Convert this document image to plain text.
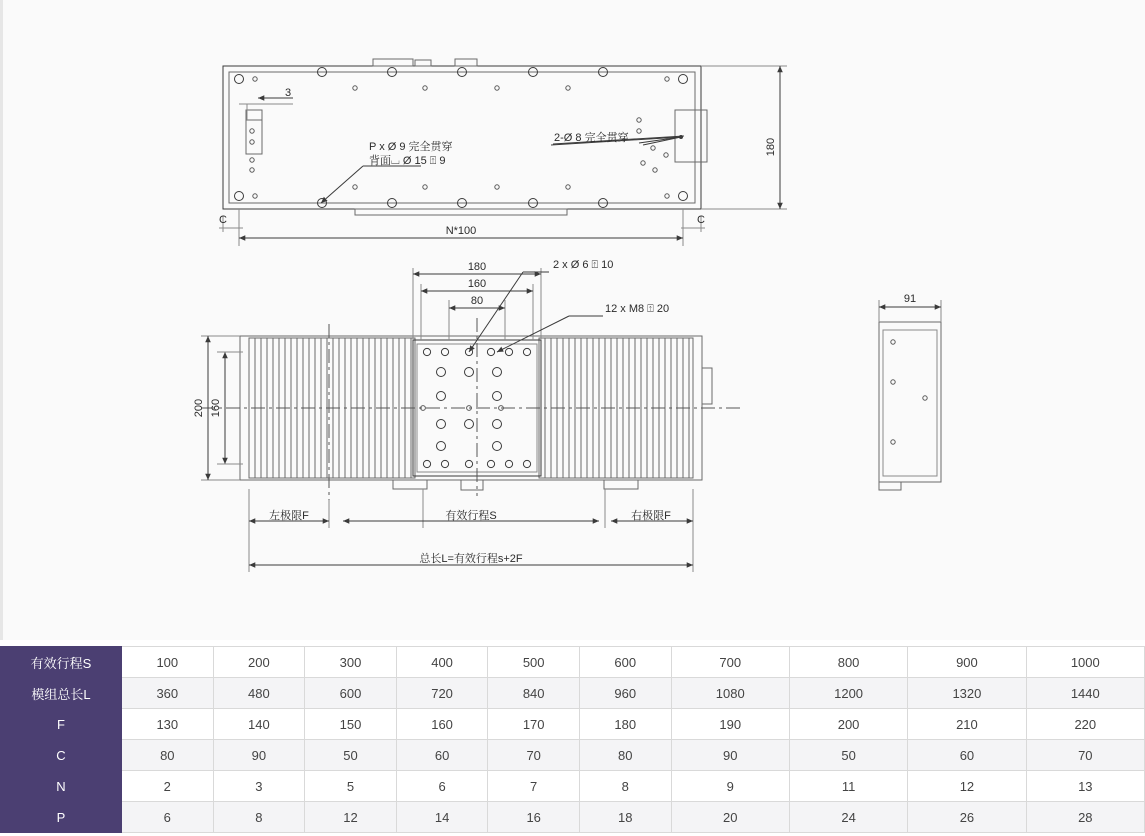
3
180
N*100
C	C
P x Ø 9 完全贯穿
背面⌴ Ø 15 ⍐ 9
2-Ø 8 完全贯穿
180
160
80
200 160
2 x Ø 6 ⍐ 10
12 x M8 ⍐ 20
左极限F	有效行程S	右极限F
总长L=有效行程s+2F
91
有效行程S	100	200	300	400	500	600	700	800	900	1000
模组总长L	360	480	600	720	840	960	1080	1200	1320	1440
F	130	140	150	160	170	180	190	200	210	220
C	80	90	50	60	70	80	90	50	60	70
N	2	3	5	6	7	8	9	11	12	13
P	6	8	12	14	16	18	20	24	26	28
